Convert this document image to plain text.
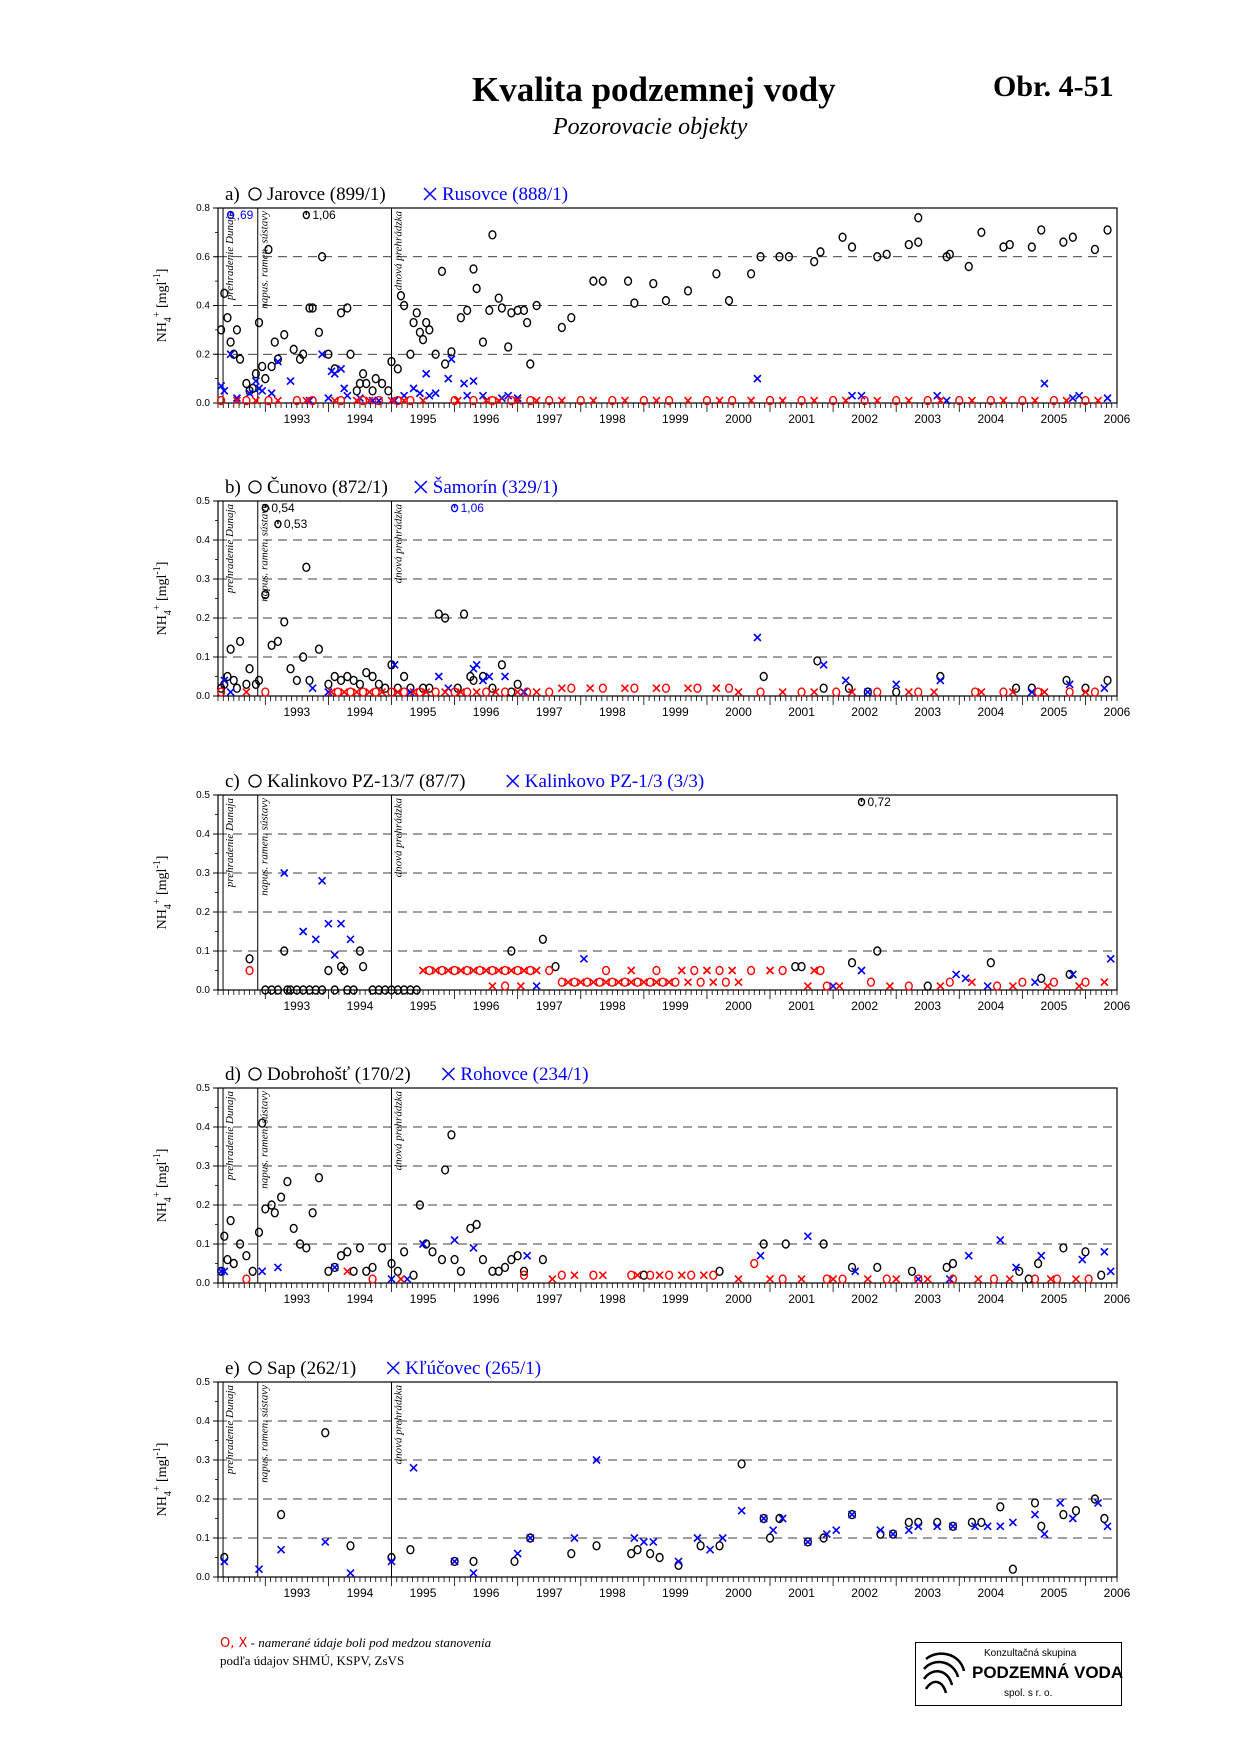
Kvalita podzemnej vody
Pozorovacie objekty
Obr. 4-51
a) Jarovce (899/1)	Rusovce (888/1)
0.0
0.2
0.4
0.6
0.8
1993	1994	1995	1996	1997	1998	1999	2000	2001	2002	2003	2004	2005	2006
$NH_4^+$ [mgl$^{-1}$]	prehradenie Dunaja napus. ramen. sústavy	dnová prehrádzka
,69	1,06
b) Čunovo (872/1) Šamorín (329/1)
0.0
0.1
0.2
0.3
0.4
0.5
1993	1994	1995	1996	1997	1998	1999	2000	2001	2002	2003	2004	2005	2006
$NH_4^+$ [mgl$^{-1}$]	prehradenie Dunaja napus. ramen. sústavy	dnová prehrádzka
0,54
0,53
1,06
c) Kalinkovo PZ-13/7 (87/7)	Kalinkovo PZ-1/3 (3/3)
0.0
0.1
0.2
0.3
0.4
0.5
1993	1994	1995	1996	1997	1998	1999	2000	2001	2002	2003	2004	2005	2006
$NH_4^+$ [mgl$^{-1}$]	prehradenie Dunaja napus. ramen. sústavy	dnová prehrádzka	0,72
d) Dobrohošť (170/2)	Rohovce (234/1)
0.0
0.1
0.2
0.3
0.4
0.5
1993	1994	1995	1996	1997	1998	1999	2000	2001	2002	2003	2004	2005	2006
$NH_4^+$ [mgl$^{-1}$]	prehradenie Dunaja napus. ramen. sústavy	dnová prehrádzka
e) Sap (262/1)	Kľúčovec (265/1)
0.0
0.1
0.2
0.3
0.4
0.5
1993	1994	1995	1996	1997	1998	1999	2000	2001	2002	2003	2004	2005	2006
$NH_4^+$ [mgl$^{-1}$]	prehradenie Dunaja napus. ramen. sústavy	dnová prehrádzka
O, X - namerané údaje boli pod medzou stanovenia
podľa údajov SHMÚ, KSPV, ZsVS	Konzultačná skupina
PODZEMNÁ VODA
spol. s r. o.
